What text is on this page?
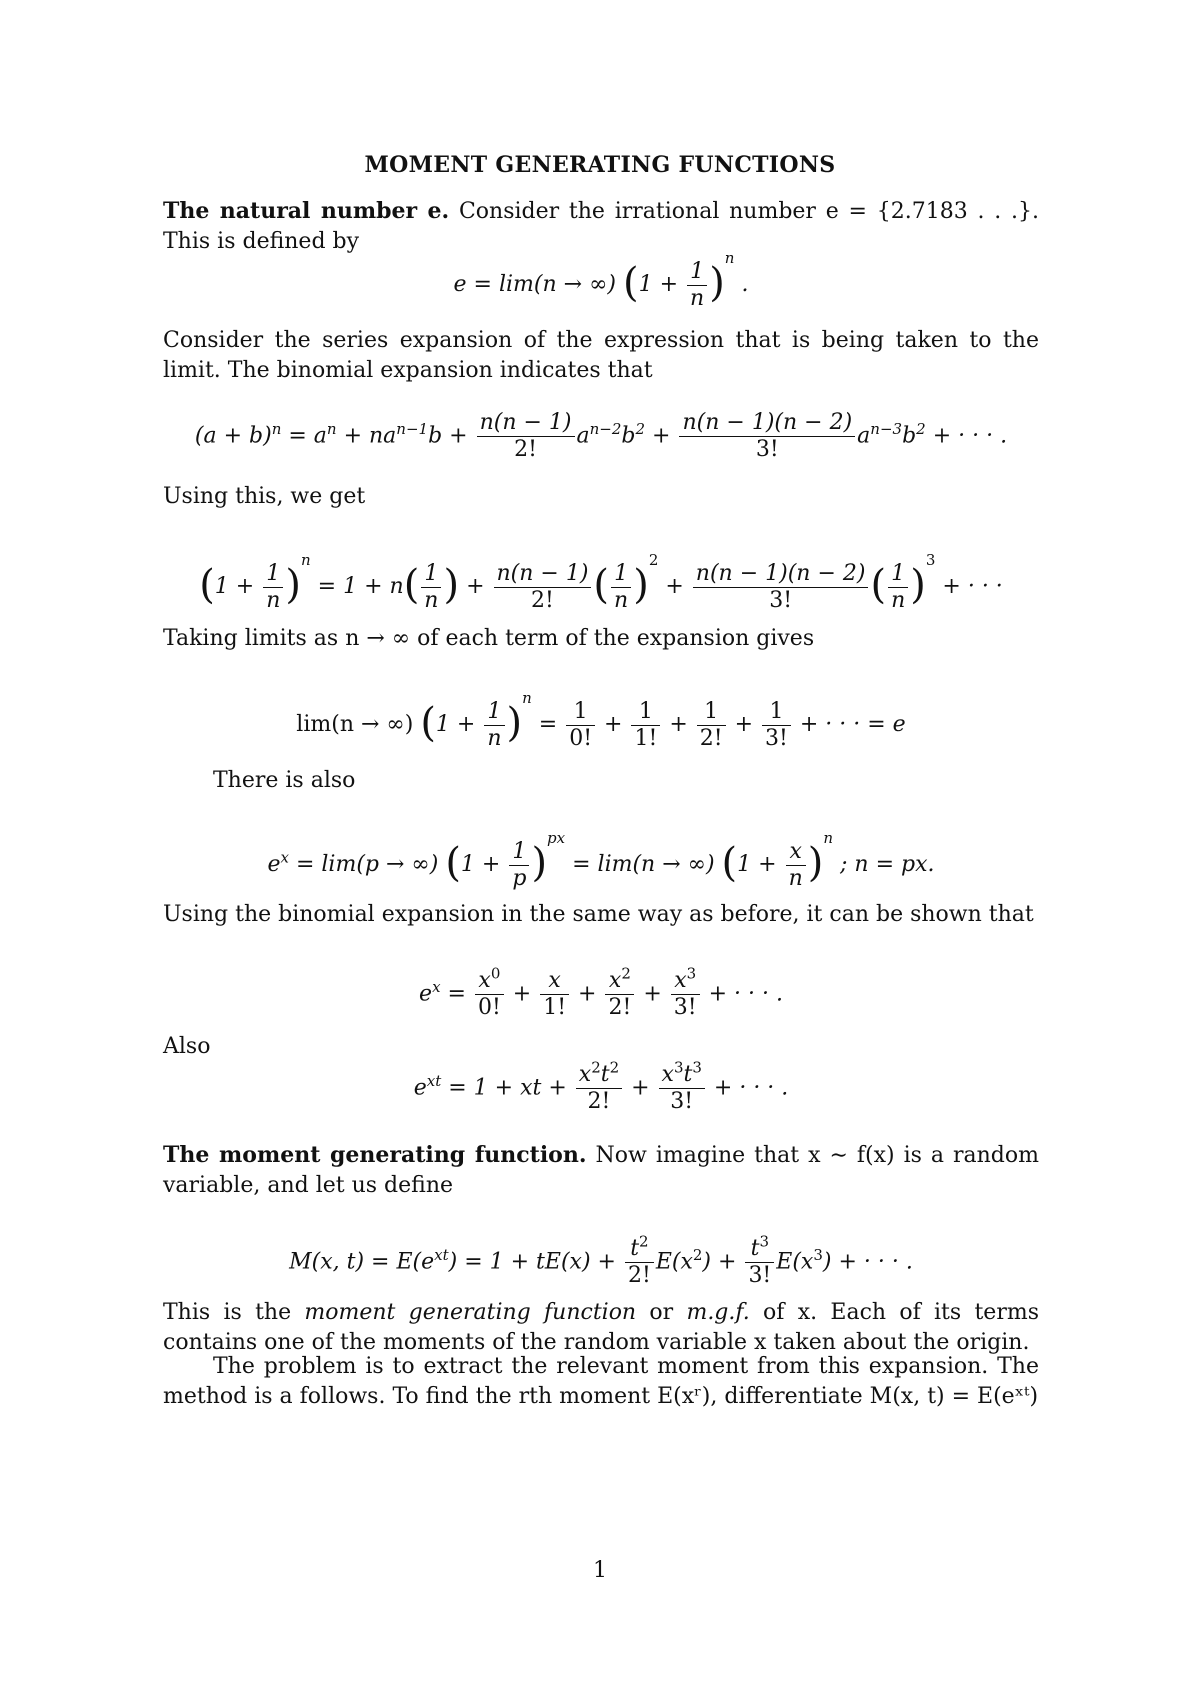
MOMENT GENERATING FUNCTIONS
The natural number e. Consider the irrational number e = {2.7183 . . .}. This is defined by
e = lim(n → ∞) $(1 + \frac{1}{n} )^n$ .
Consider the series expansion of the expression that is being taken to the limit. The binomial expansion indicates that
$(a + b)^n = a^n + na^{n-1}b + \frac{n(n - 1)}{2!} a^{n-2}b^2 + \frac{n(n - 1)(n - 2)}{3!} a^{n-3}b^2$ + · · · .
Using this, we get
$(1 + \frac{1}{n} )^n = 1 + n( \frac{1}{n}$ ) + $\frac{n(n - 1)}{2!}$ ( $\frac{1}{n} )^2 + \frac{n(n - 1)(n - 2)}{3!}$ ( $\frac{1}{n} )^3$ + · · ·
Taking limits as n → ∞ of each term of the expansion gives
lim(n → ∞) $(1 + \frac{1}{n} )^n = \frac{1}{0!} + \frac{1}{1!} + \frac{1}{2!} + \frac{1}{3!}$ + · · · = e
There is also
$e^x = \lim(p$ → ∞) $(1 + \frac{1}{p} )^{px} = \lim(n$ → ∞) $(1 + \frac{x}{n} )^n$ ; n = px.
Using the binomial expansion in the same way as before, it can be shown that
$e^x = \frac{x^0}{0!} + \frac{x}{1!} + \frac{x^2}{2!} + \frac{x^3}{3!}$ + · · · .
Also
$e^{xt} = 1$ + xt + $\frac{x^2t^2}{2!} + \frac{x^3t^3}{3!}$ + · · · .
The moment generating function. Now imagine that x ∼ f(x) is a random variable, and let us define
M(x, $t) = E(e^{xt}) = 1 + tE(x) + \frac{t^2}{2!} E(x^2) + \frac{t^3}{3!} E(x^3)$ + · · · .
This is the moment generating function or m.g.f. of x. Each of its terms contains one of the moments of the random variable x taken about the origin.
The problem is to extract the relevant moment from this expansion. The method is a follows. To find the rth moment E(xʳ), differentiate M(x, t) = E(eˣᵗ)
1
